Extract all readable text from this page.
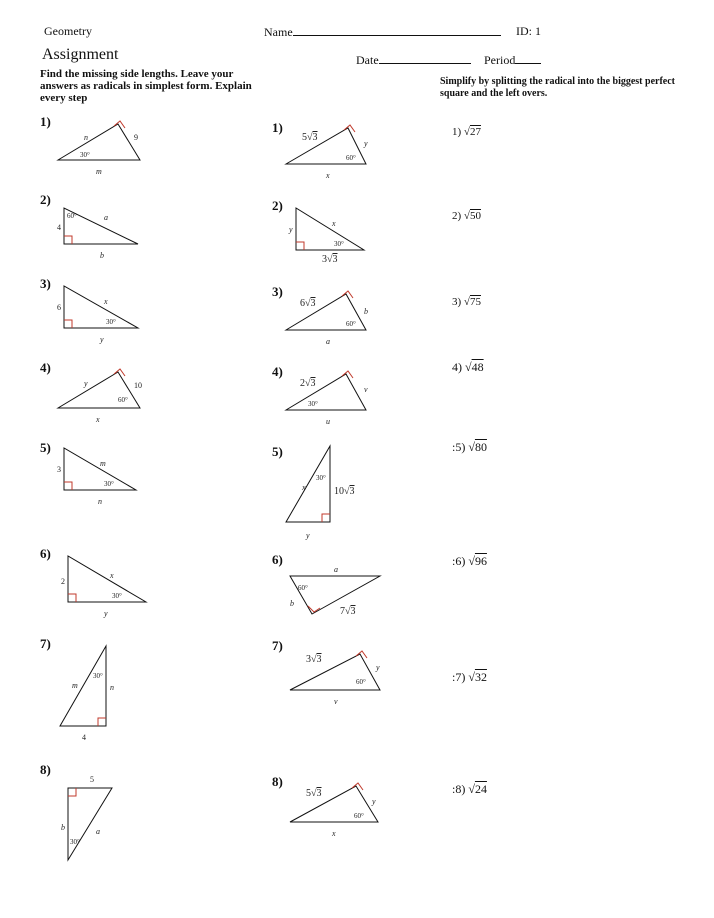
Geometry	Name	ID: 1
Assignment	Date	Period
Find the missing side lengths. Leave your answers as radicals in simplest form. Explain every step
Simplify by splitting the radical into the biggest perfect square and the left overs.
1)
2)
3)
4)
5)
6)
7)
8)
1)
2)
3)
4)
5)
6)
7)
8)
1) √27
2) √50
3) √75
4) √48
:5) √80
:6) √96
:7) √32
:8) √24
n	9
30°
m
60°	a
4
b
6
x
30°
y
y	10
60°
x
3
m
30°
n
2
x
30°
y
m
30°
n
4
5
b	a
30°
5√3
y
60°
x
y
x
30°
3√3
6√3
b
60°
a
2√3
v
30°
u
30°
x	10√3
y
a
60°
b
7√3
3√3
y
60°
v
5√3
y
60°
x
